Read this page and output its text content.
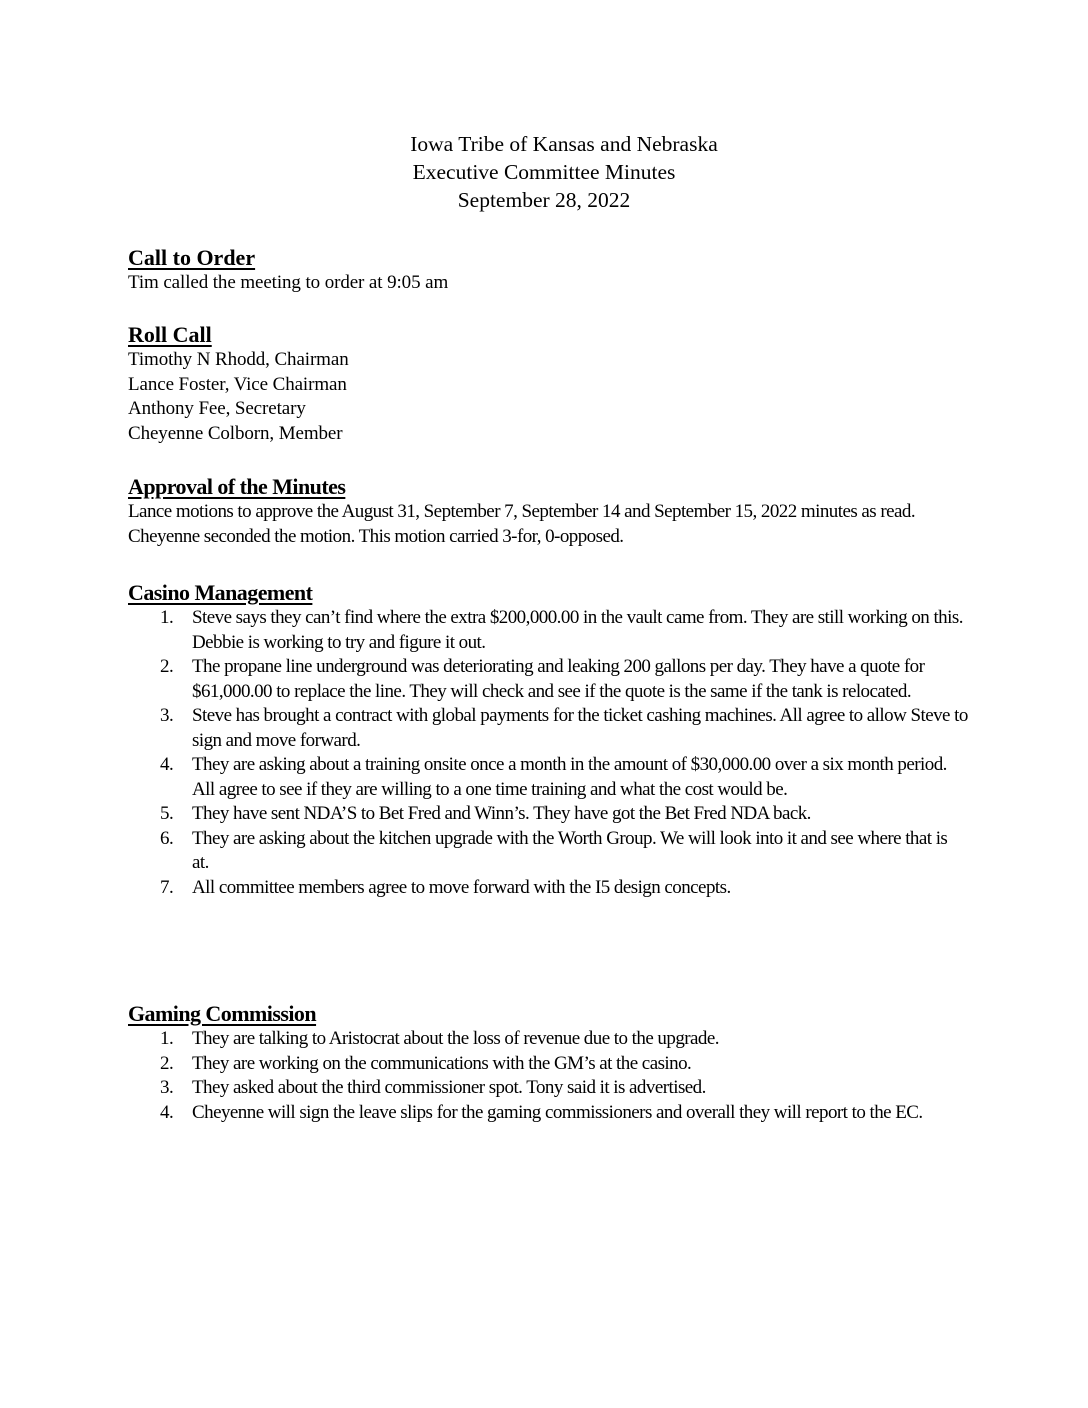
Iowa Tribe of Kansas and Nebraska
Executive Committee Minutes
September 28, 2022

Call to Order

Tim called the meeting to order at 9:05 am

Roll Call

Timothy N Rhodd, Chairman

Lance Foster, Vice Chairman

Anthony Fee, Secretary

Cheyenne Colborn, Member

Approval of the Minutes

Lance motions to approve the August 31, September 7, September 14 and September 15, 2022 minutes as read. Cheyenne seconded the motion. This motion carried 3-for, 0-opposed.

Casino Management

1. Steve says they can’t find where the extra $200,000.00 in the vault came from. They are still working on this. Debbie is working to try and figure it out.
2. The propane line underground was deteriorating and leaking 200 gallons per day. They have a quote for $61,000.00 to replace the line. They will check and see if the quote is the same if the tank is relocated.
3. Steve has brought a contract with global payments for the ticket cashing machines. All agree to allow Steve to sign and move forward.
4. They are asking about a training onsite once a month in the amount of $30,000.00 over a six month period. All agree to see if they are willing to a one time training and what the cost would be.
5. They have sent NDA’S to Bet Fred and Winn’s. They have got the Bet Fred NDA back.
6. They are asking about the kitchen upgrade with the Worth Group. We will look into it and see where that is at.
7. All committee members agree to move forward with the I5 design concepts.

Gaming Commission

1. They are talking to Aristocrat about the loss of revenue due to the upgrade.
2. They are working on the communications with the GM’s at the casino.
3. They asked about the third commissioner spot. Tony said it is advertised.
4. Cheyenne will sign the leave slips for the gaming commissioners and overall they will report to the EC.
